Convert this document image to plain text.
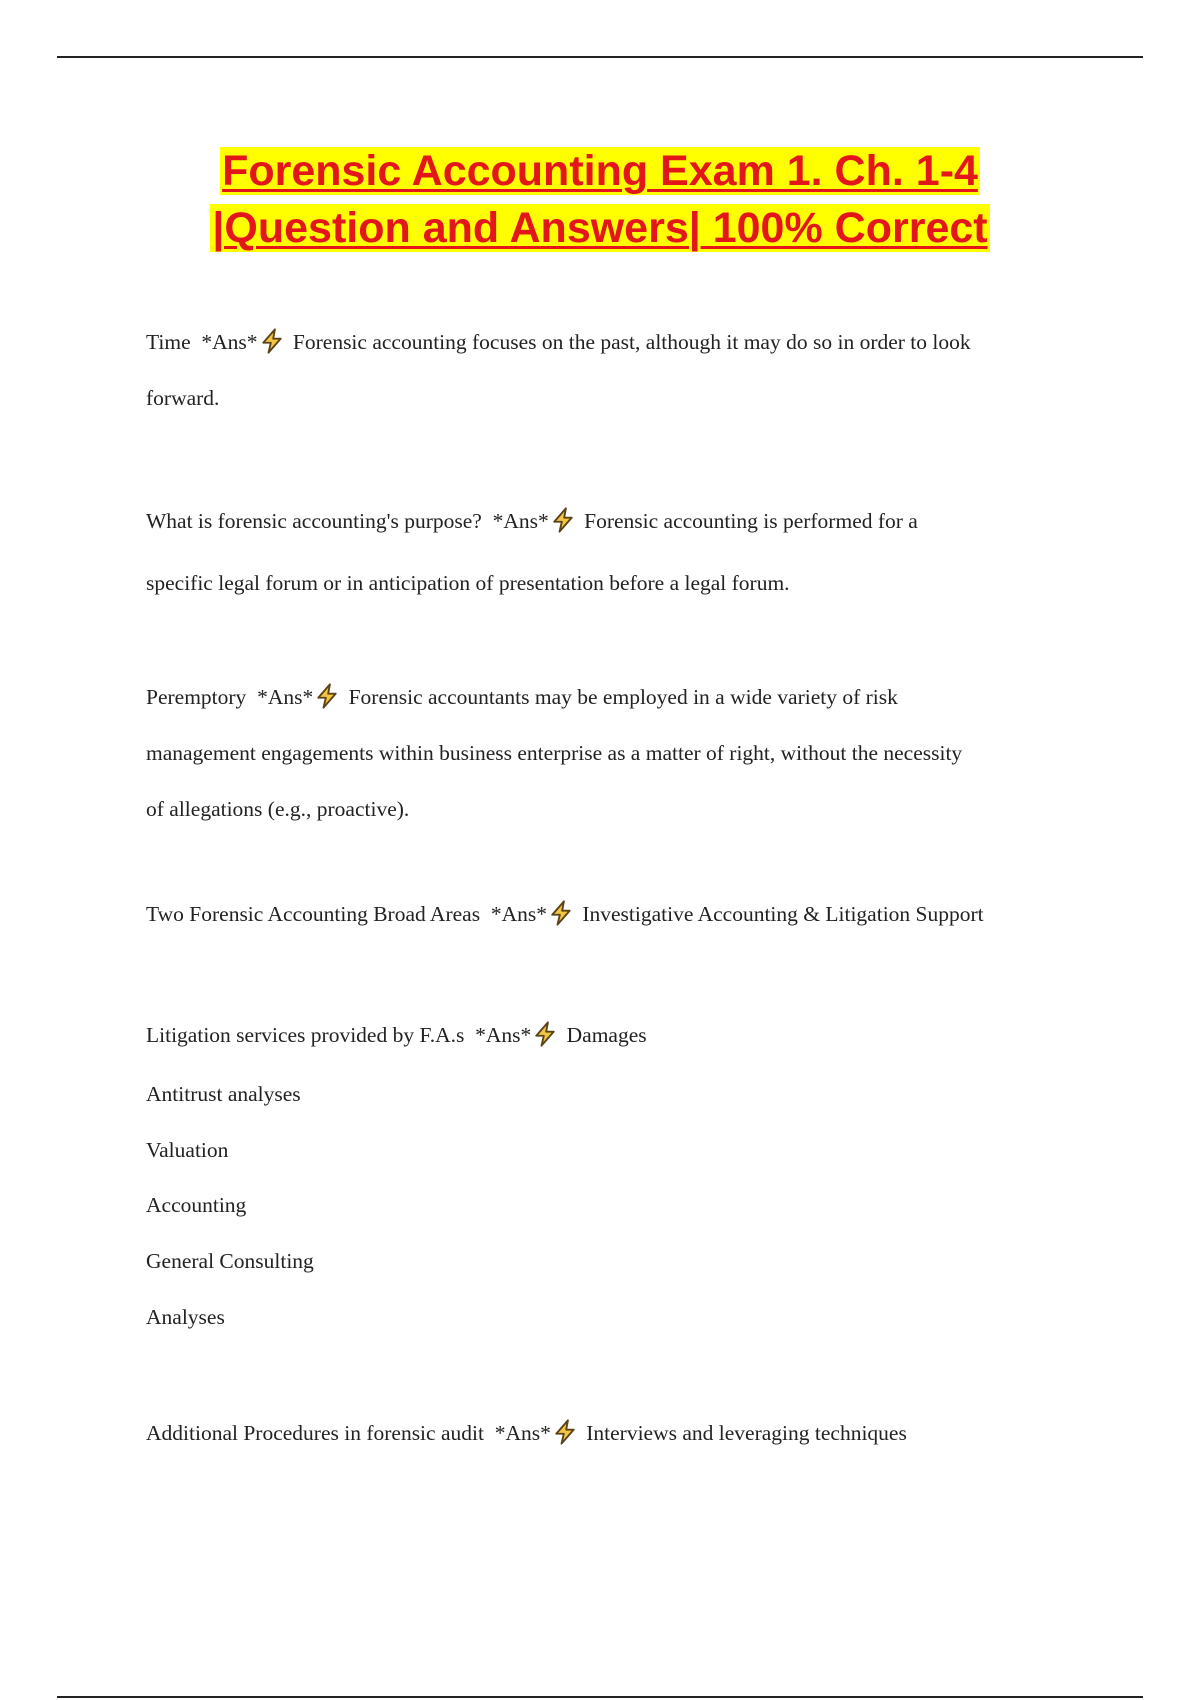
Forensic Accounting Exam 1. Ch. 1-4
|Question and Answers| 100% Correct
Time *Ans* Forensic accounting focuses on the past, although it may do so in order to look
forward.
What is forensic accounting's purpose? *Ans* Forensic accounting is performed for a
specific legal forum or in anticipation of presentation before a legal forum.
Peremptory *Ans* Forensic accountants may be employed in a wide variety of risk
management engagements within business enterprise as a matter of right, without the necessity
of allegations (e.g., proactive).
Two Forensic Accounting Broad Areas *Ans* Investigative Accounting & Litigation Support
Litigation services provided by F.A.s *Ans* Damages
Antitrust analyses
Valuation
Accounting
General Consulting
Analyses
Additional Procedures in forensic audit *Ans* Interviews and leveraging techniques
